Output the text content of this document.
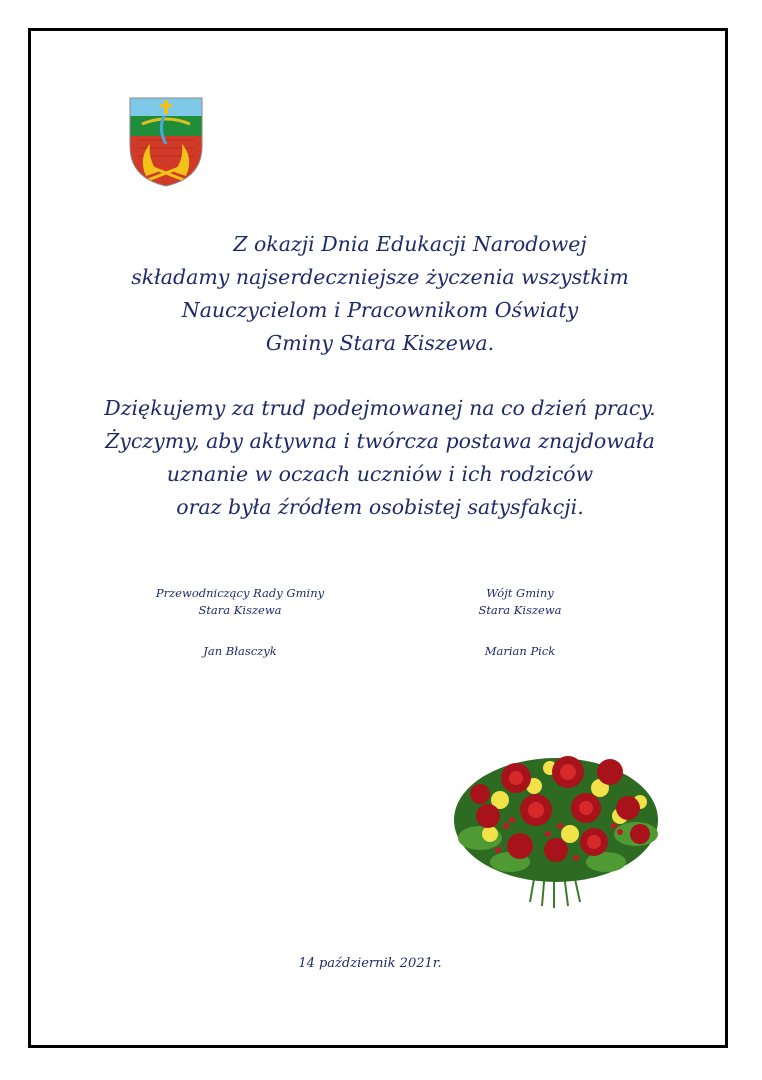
Z okazji Dnia Edukacji Narodowej
składamy najserdeczniejsze życzenia wszystkim
Nauczycielom i Pracownikom Oświaty
Gminy Stara Kiszewa.
Dziękujemy za trud podejmowanej na co dzień pracy.
Życzymy, aby aktywna i twórcza postawa znajdowała
uznanie w oczach uczniów i ich rodziców
oraz była źródłem osobistej satysfakcji.
Przewodniczący Rady Gminy
Stara Kiszewa
Jan Błasczyk
Wójt Gminy
Stara Kiszewa
Marian Pick
14 październik 2021r.
